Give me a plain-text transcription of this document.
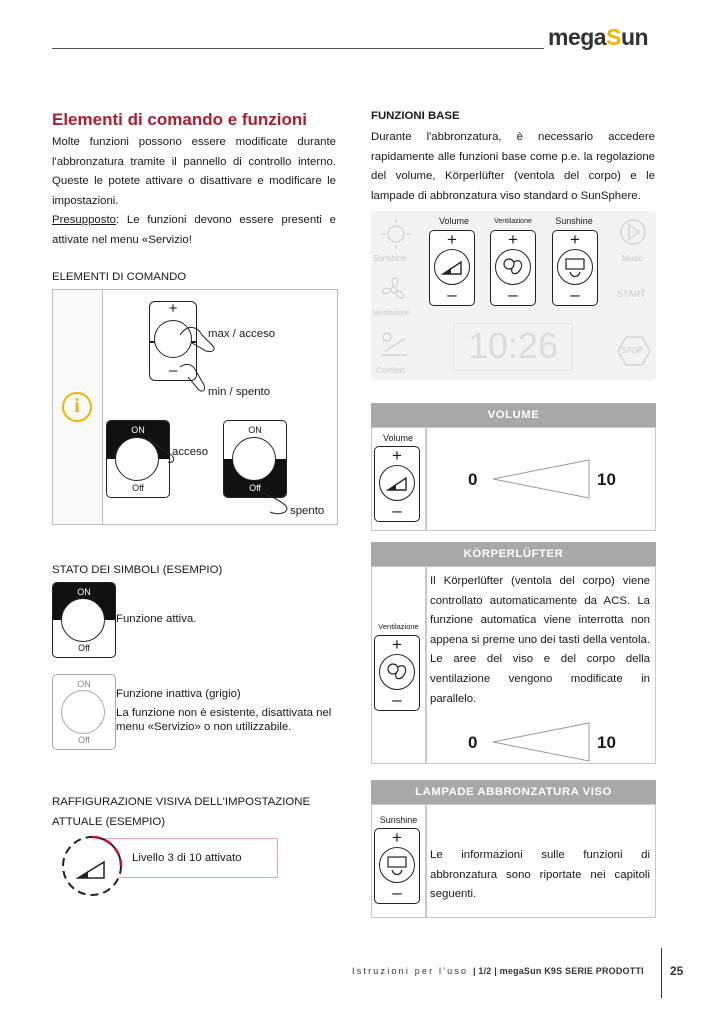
megaSun
Elementi di comando e funzioni
Molte funzioni possono essere modificate durante l'abbronzatura tramite il pannello di controllo interno. Queste le potete attivare o disattivare e modificare le impostazioni.
Presupposto: Le funzioni devono essere presenti e attivate nel menu «Servizio!
ELEMENTI DI COMANDO
i
+
–
max / acceso
min / spento
ON
Off
acceso
ON
Off
spento
STATO DEI SIMBOLI (ESEMPIO)
ON
Off
Funzione attiva.
ON
Off
Funzione inattiva (grigio)
La funzione non è esistente, disattivata nel menu «Servizio» o non utilizzabile.
RAFFIGURAZIONE VISIVA DELL'IMPOSTAZIONE ATTUALE (ESEMPIO)
Livello 3 di 10 attivato
FUNZIONI BASE
Durante l'abbronzatura, è necessario accedere rapidamente alle funzioni base come p.e. la regolazione del volume, Körperlüfter (ventola del corpo) e le lampade di abbronzatura viso standard o SunSphere.
Sunshine
Ventilazione
Comfort
Volume
+
–
Ventilazione
+
–
Sunshine
+
–
10:26
Music
START
STOP
VOLUME
Volume
+
–
0	10
KÖRPERLÜFTER
Ventilazione
+
–
Il Körperlüfter (ventola del corpo) viene controllato automaticamente da ACS. La funzione automatica viene interrotta non appena si preme uno dei tasti della ventola. Le aree del viso e del corpo della ventilazione vengono modificate in parallelo.
0	10
LAMPADE ABBRONZATURA VISO
Sunshine
+
–
Le informazioni sulle funzioni di abbronzatura sono riportate nei capitoli seguenti.
Istruzioni per l'uso | 1/2 | megaSun K9S SERIE PRODOTTI 25
